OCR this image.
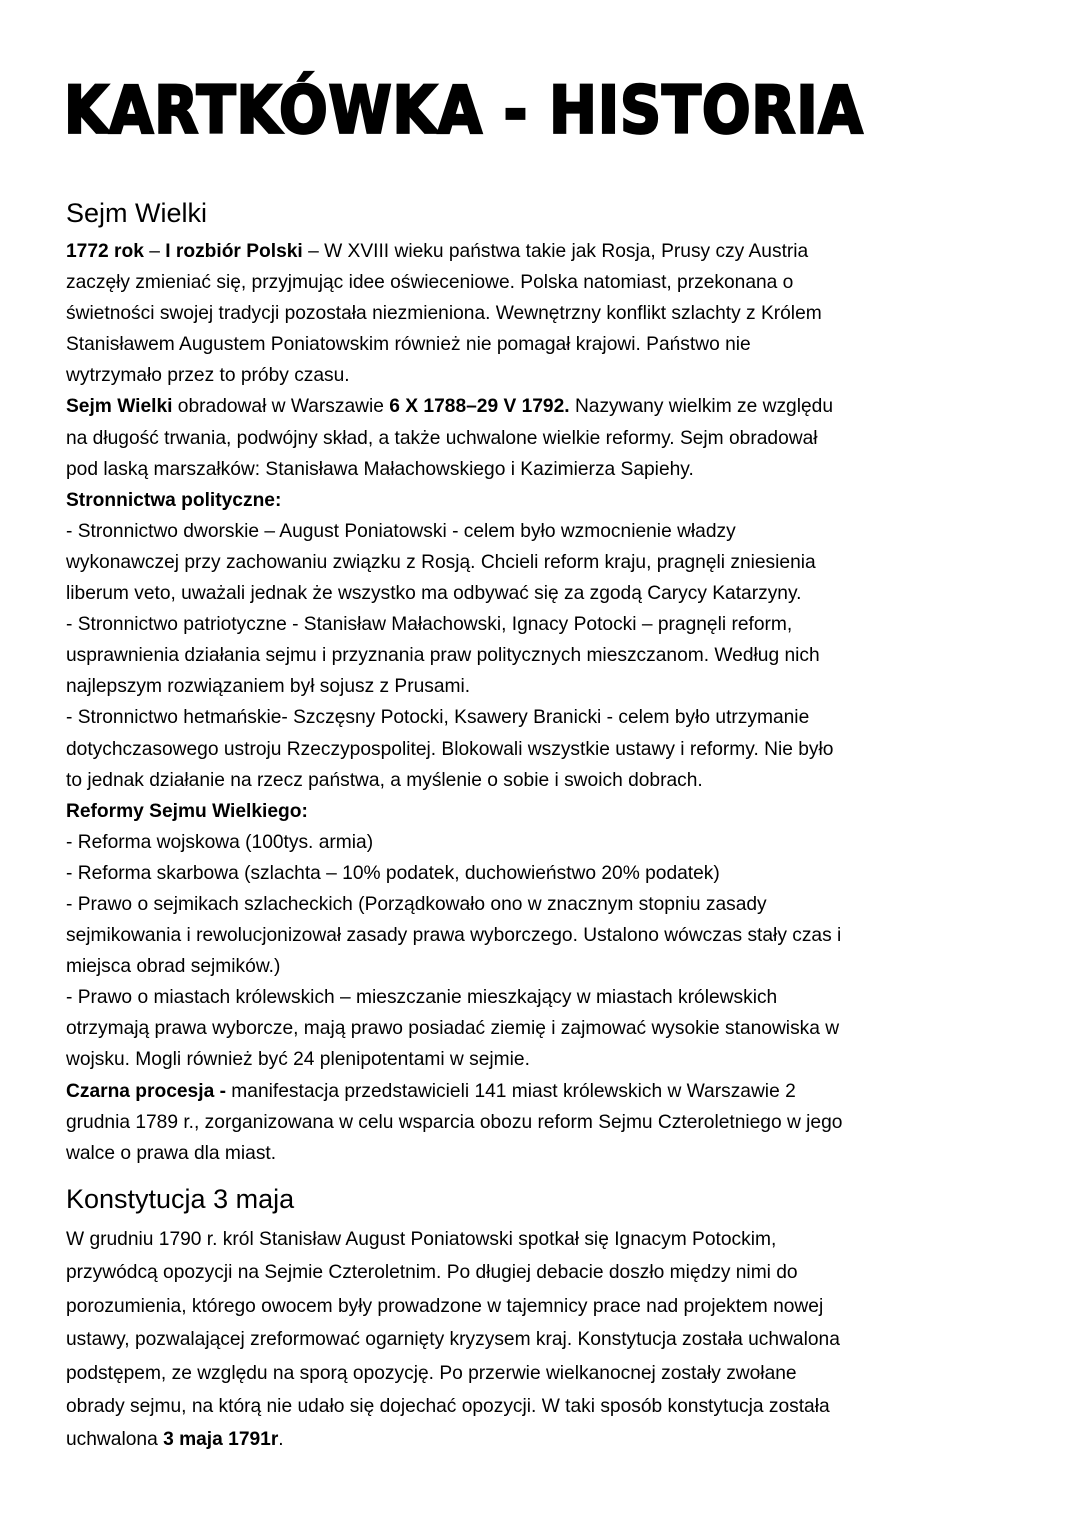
KARTKÓWKA - HISTORIA
Sejm Wielki
1772 rok – I rozbiór Polski – W XVIII wieku państwa takie jak Rosja, Prusy czy Austria
zaczęły zmieniać się, przyjmując idee oświeceniowe. Polska natomiast, przekonana o
świetności swojej tradycji pozostała niezmieniona. Wewnętrzny konflikt szlachty z Królem
Stanisławem Augustem Poniatowskim również nie pomagał krajowi. Państwo nie
wytrzymało przez to próby czasu.
Sejm Wielki obradował w Warszawie 6 X 1788–29 V 1792. Nazywany wielkim ze względu
na długość trwania, podwójny skład, a także uchwalone wielkie reformy. Sejm obradował
pod laską marszałków: Stanisława Małachowskiego i Kazimierza Sapiehy.
Stronnictwa polityczne:
- Stronnictwo dworskie – August Poniatowski - celem było wzmocnienie władzy
wykonawczej przy zachowaniu związku z Rosją. Chcieli reform kraju, pragnęli zniesienia
liberum veto, uważali jednak że wszystko ma odbywać się za zgodą Carycy Katarzyny.
- Stronnictwo patriotyczne - Stanisław Małachowski, Ignacy Potocki – pragnęli reform,
usprawnienia działania sejmu i przyznania praw politycznych mieszczanom. Według nich
najlepszym rozwiązaniem był sojusz z Prusami.
- Stronnictwo hetmańskie- Szczęsny Potocki, Ksawery Branicki - celem było utrzymanie
dotychczasowego ustroju Rzeczypospolitej. Blokowali wszystkie ustawy i reformy. Nie było
to jednak działanie na rzecz państwa, a myślenie o sobie i swoich dobrach.
Reformy Sejmu Wielkiego:
- Reforma wojskowa (100tys. armia)
- Reforma skarbowa (szlachta – 10% podatek, duchowieństwo 20% podatek)
- Prawo o sejmikach szlacheckich (Porządkowało ono w znacznym stopniu zasady
sejmikowania i rewolucjonizował zasady prawa wyborczego. Ustalono wówczas stały czas i
miejsca obrad sejmików.)
- Prawo o miastach królewskich – mieszczanie mieszkający w miastach królewskich
otrzymają prawa wyborcze, mają prawo posiadać ziemię i zajmować wysokie stanowiska w
wojsku. Mogli również być 24 plenipotentami w sejmie.
Czarna procesja - manifestacja przedstawicieli 141 miast królewskich w Warszawie 2
grudnia 1789 r., zorganizowana w celu wsparcia obozu reform Sejmu Czteroletniego w jego
walce o prawa dla miast.
Konstytucja 3 maja
W grudniu 1790 r. król Stanisław August Poniatowski spotkał się Ignacym Potockim,
przywódcą opozycji na Sejmie Czteroletnim. Po długiej debacie doszło między nimi do
porozumienia, którego owocem były prowadzone w tajemnicy prace nad projektem nowej
ustawy, pozwalającej zreformować ogarnięty kryzysem kraj. Konstytucja została uchwalona
podstępem, ze względu na sporą opozycję. Po przerwie wielkanocnej zostały zwołane
obrady sejmu, na którą nie udało się dojechać opozycji. W taki sposób konstytucja została
uchwalona 3 maja 1791r.
